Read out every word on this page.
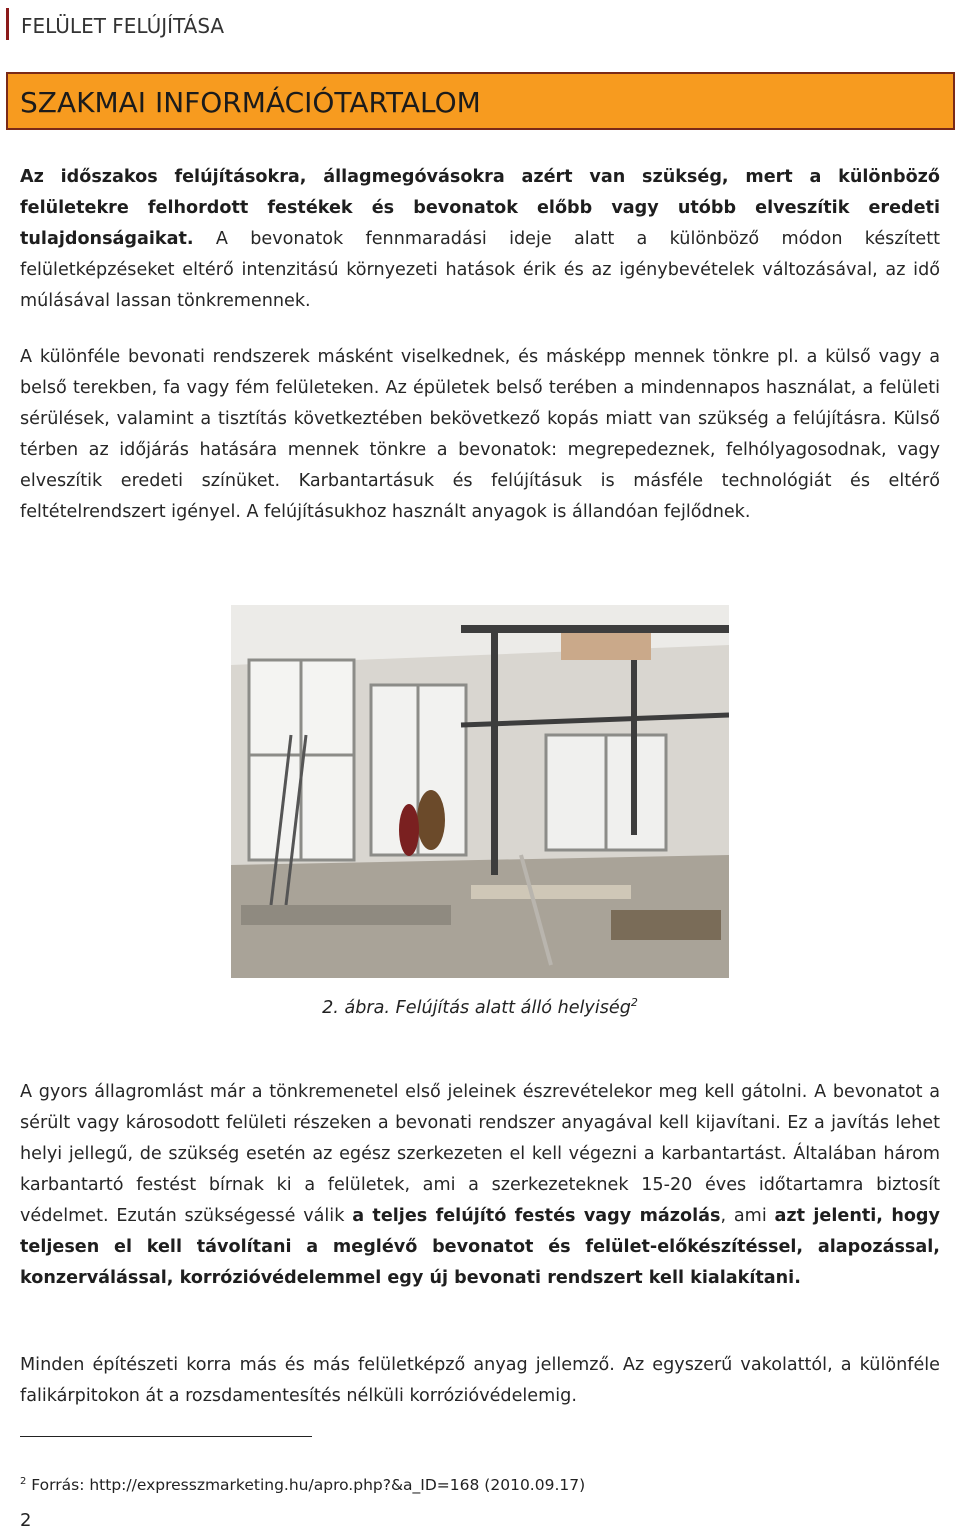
FELÜLET FELÚJÍTÁSA
SZAKMAI INFORMÁCIÓTARTALOM
Az időszakos felújításokra, állagmegóvásokra azért van szükség, mert a különböző felületekre felhordott festékek és bevonatok előbb vagy utóbb elveszítik eredeti tulajdonságaikat. A bevonatok fennmaradási ideje alatt a különböző módon készített felületképzéseket eltérő intenzitású környezeti hatások érik és az igénybevételek változásával, az idő múlásával lassan tönkremennek.
A különféle bevonati rendszerek másként viselkednek, és másképp mennek tönkre pl. a külső vagy a belső terekben, fa vagy fém felületeken. Az épületek belső terében a mindennapos használat, a felületi sérülések, valamint a tisztítás következtében bekövetkező kopás miatt van szükség a felújításra. Külső térben az időjárás hatására mennek tönkre a bevonatok: megrepedeznek, felhólyagosodnak, vagy elveszítik eredeti színüket. Karbantartásuk és felújításuk is másféle technológiát és eltérő feltételrendszert igényel. A felújításukhoz használt anyagok is állandóan fejlődnek.
2. ábra. Felújítás alatt álló helyiség$^2$
A gyors állagromlást már a tönkremenetel első jeleinek észrevételekor meg kell gátolni. A bevonatot a sérült vagy károsodott felületi részeken a bevonati rendszer anyagával kell kijavítani. Ez a javítás lehet helyi jellegű, de szükség esetén az egész szerkezeten el kell végezni a karbantartást. Általában három karbantartó festést bírnak ki a felületek, ami a szerkezeteknek 15-20 éves időtartamra biztosít védelmet. Ezután szükségessé válik a teljes felújító festés vagy mázolás, ami azt jelenti, hogy teljesen el kell távolítani a meglévő bevonatot és felület-előkészítéssel, alapozással, konzerválással, korrózióvédelemmel egy új bevonati rendszert kell kialakítani.
Minden építészeti korra más és más felületképző anyag jellemző. Az egyszerű vakolattól, a különféle falikárpitokon át a rozsdamentesítés nélküli korrózióvédelemig.
$^2$ Forrás: http://expresszmarketing.hu/apro.php?&a_ID=168 (2010.09.17)
2
